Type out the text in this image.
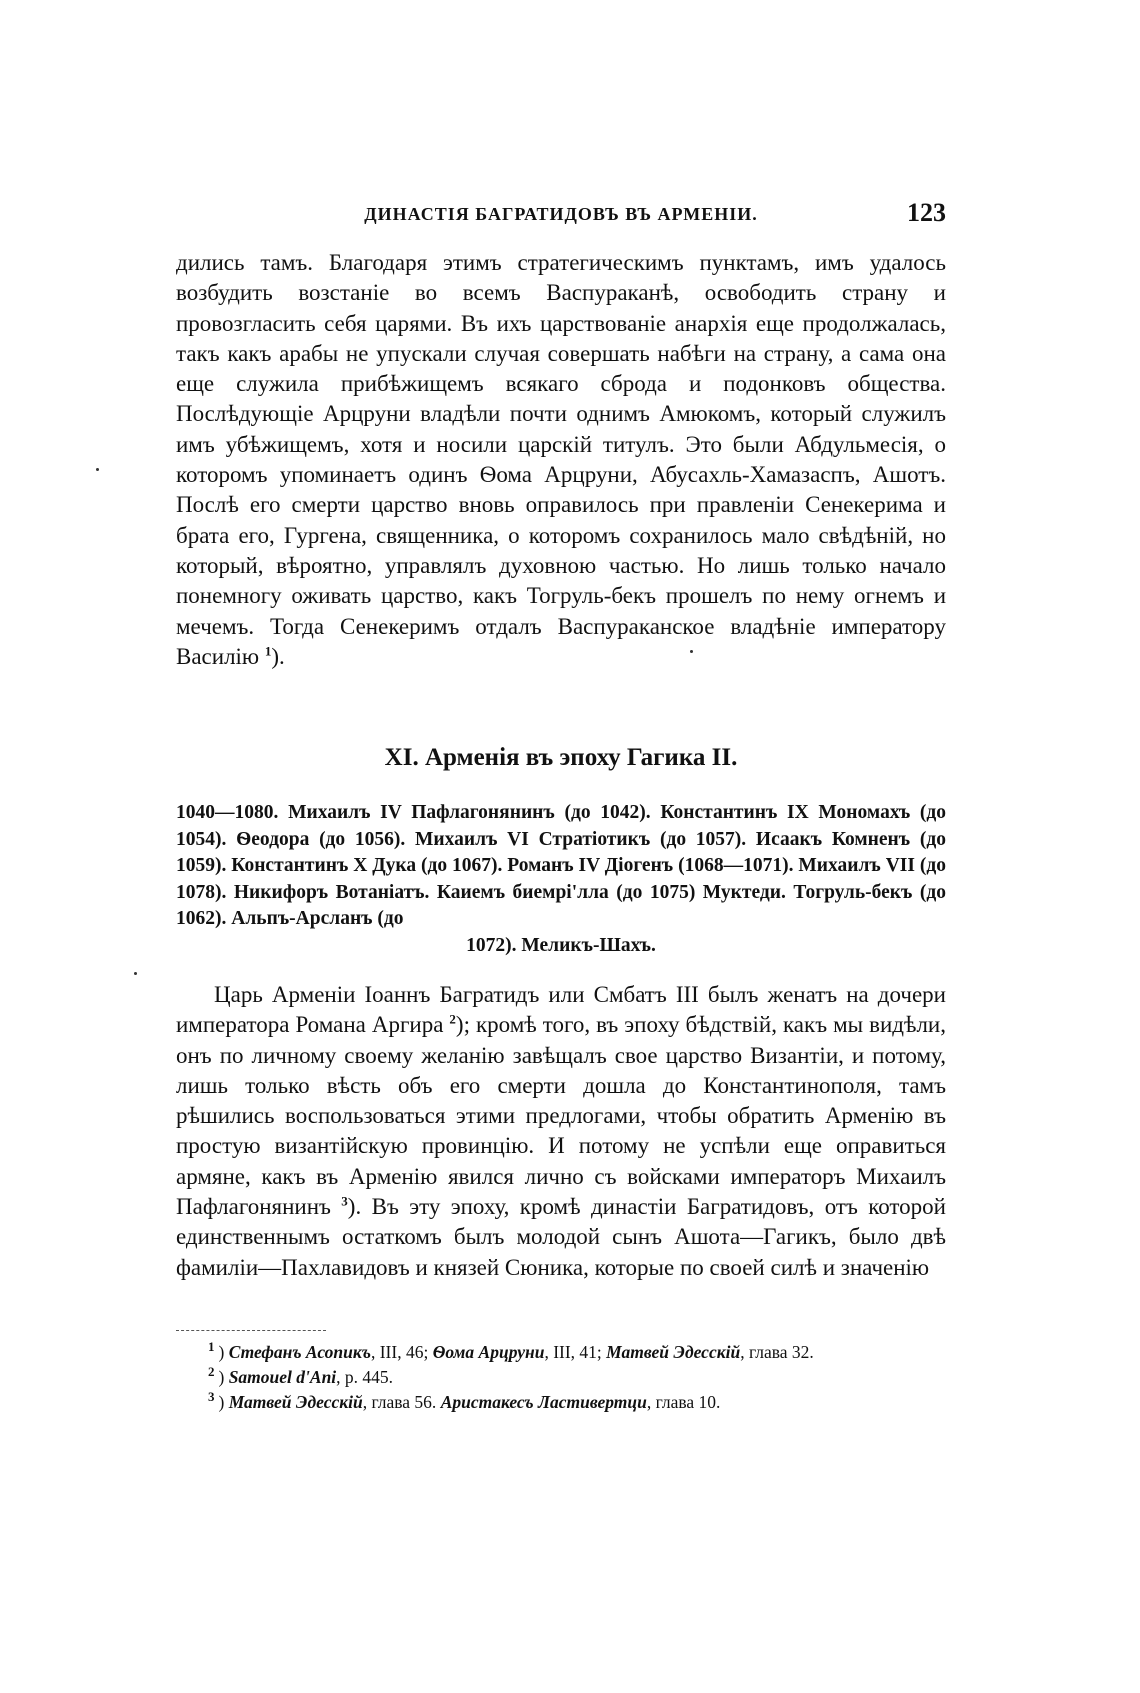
ДИНАСТІЯ БАГРАТИДОВЪ ВЪ АРМЕНІИ.	123

дились тамъ. Благодаря этимъ стратегическимъ пунктамъ, имъ удалось возбудить возстаніе во всемъ Васпураканѣ, освободить страну и провозгласить себя царями. Въ ихъ царствованіе анархія еще продолжалась, такъ какъ арабы не упускали случая совершать набѣги на страну, а сама она еще служила прибѣжищемъ всякаго сброда и подонковъ общества. Послѣдующіе Арцруни владѣли почти однимъ Амюкомъ, который служилъ имъ убѣжищемъ, хотя и носили царскій титулъ. Это были Абдульмесія, о которомъ упоминаетъ одинъ Ѳома Арцруни, Абусахль-Хамазаспъ, Ашотъ. Послѣ его смерти царство вновь оправилось при правленіи Сенекерима и брата его, Гургена, священника, о которомъ сохранилось мало свѣдѣній, но который, вѣроятно, управлялъ духовною частью. Но лишь только начало понемногу оживать царство, какъ Тогруль-бекъ прошелъ по нему огнемъ и мечемъ. Тогда Сенекеримъ отдалъ Васпураканское владѣніе императору Василію $^1$).

XI. Арменія въ эпоху Гагика II.

1040—1080. Михаилъ IV Пафлагонянинъ (до 1042). Константинъ IX Мономахъ (до 1054). Ѳеодора (до 1056). Михаилъ VI Стратіотикъ (до 1057). Исаакъ Комненъ (до 1059). Константинъ X Дука (до 1067). Романъ IV Діогенъ (1068—1071). Михаилъ VII (до 1078). Никифоръ Вотаніатъ. Каиемъ биемрі'лла (до 1075) Муктеди. Тогруль-бекъ (до 1062). Альпъ-Арсланъ (до
1072). Меликъ-Шахъ.

Царь Арменіи Іоаннъ Багратидъ или Смбатъ III былъ женатъ на дочери императора Романа Аргира $^2$); кромѣ того, въ эпоху бѣдствій, какъ мы видѣли, онъ по личному своему желанію завѣщалъ свое царство Византіи, и потому, лишь только вѣсть объ его смерти дошла до Константинополя, тамъ рѣшились воспользоваться этими предлогами, чтобы обратить Арменію въ простую византійскую провинцію. И потому не успѣли еще оправиться армяне, какъ въ Арменію явился лично съ войсками императоръ Михаилъ Пафлагонянинъ $^3$). Въ эту эпоху, кромѣ династіи Багратидовъ, отъ которой единственнымъ остаткомъ былъ молодой сынъ Ашота—Гагикъ, было двѣ фамиліи—Пахлавидовъ и князей Сюника, которые по своей силѣ и значенію

$^1$ ) Стефанъ Асопикъ, III, 46; Ѳома Арцруни, III, 41; Матвей Эдесскій, глава 32.
$^2$ ) Samouel d'Ani, p. 445.
$^3$ ) Матвей Эдесскій, глава 56. Аристакесъ Ластивертци, глава 10.
